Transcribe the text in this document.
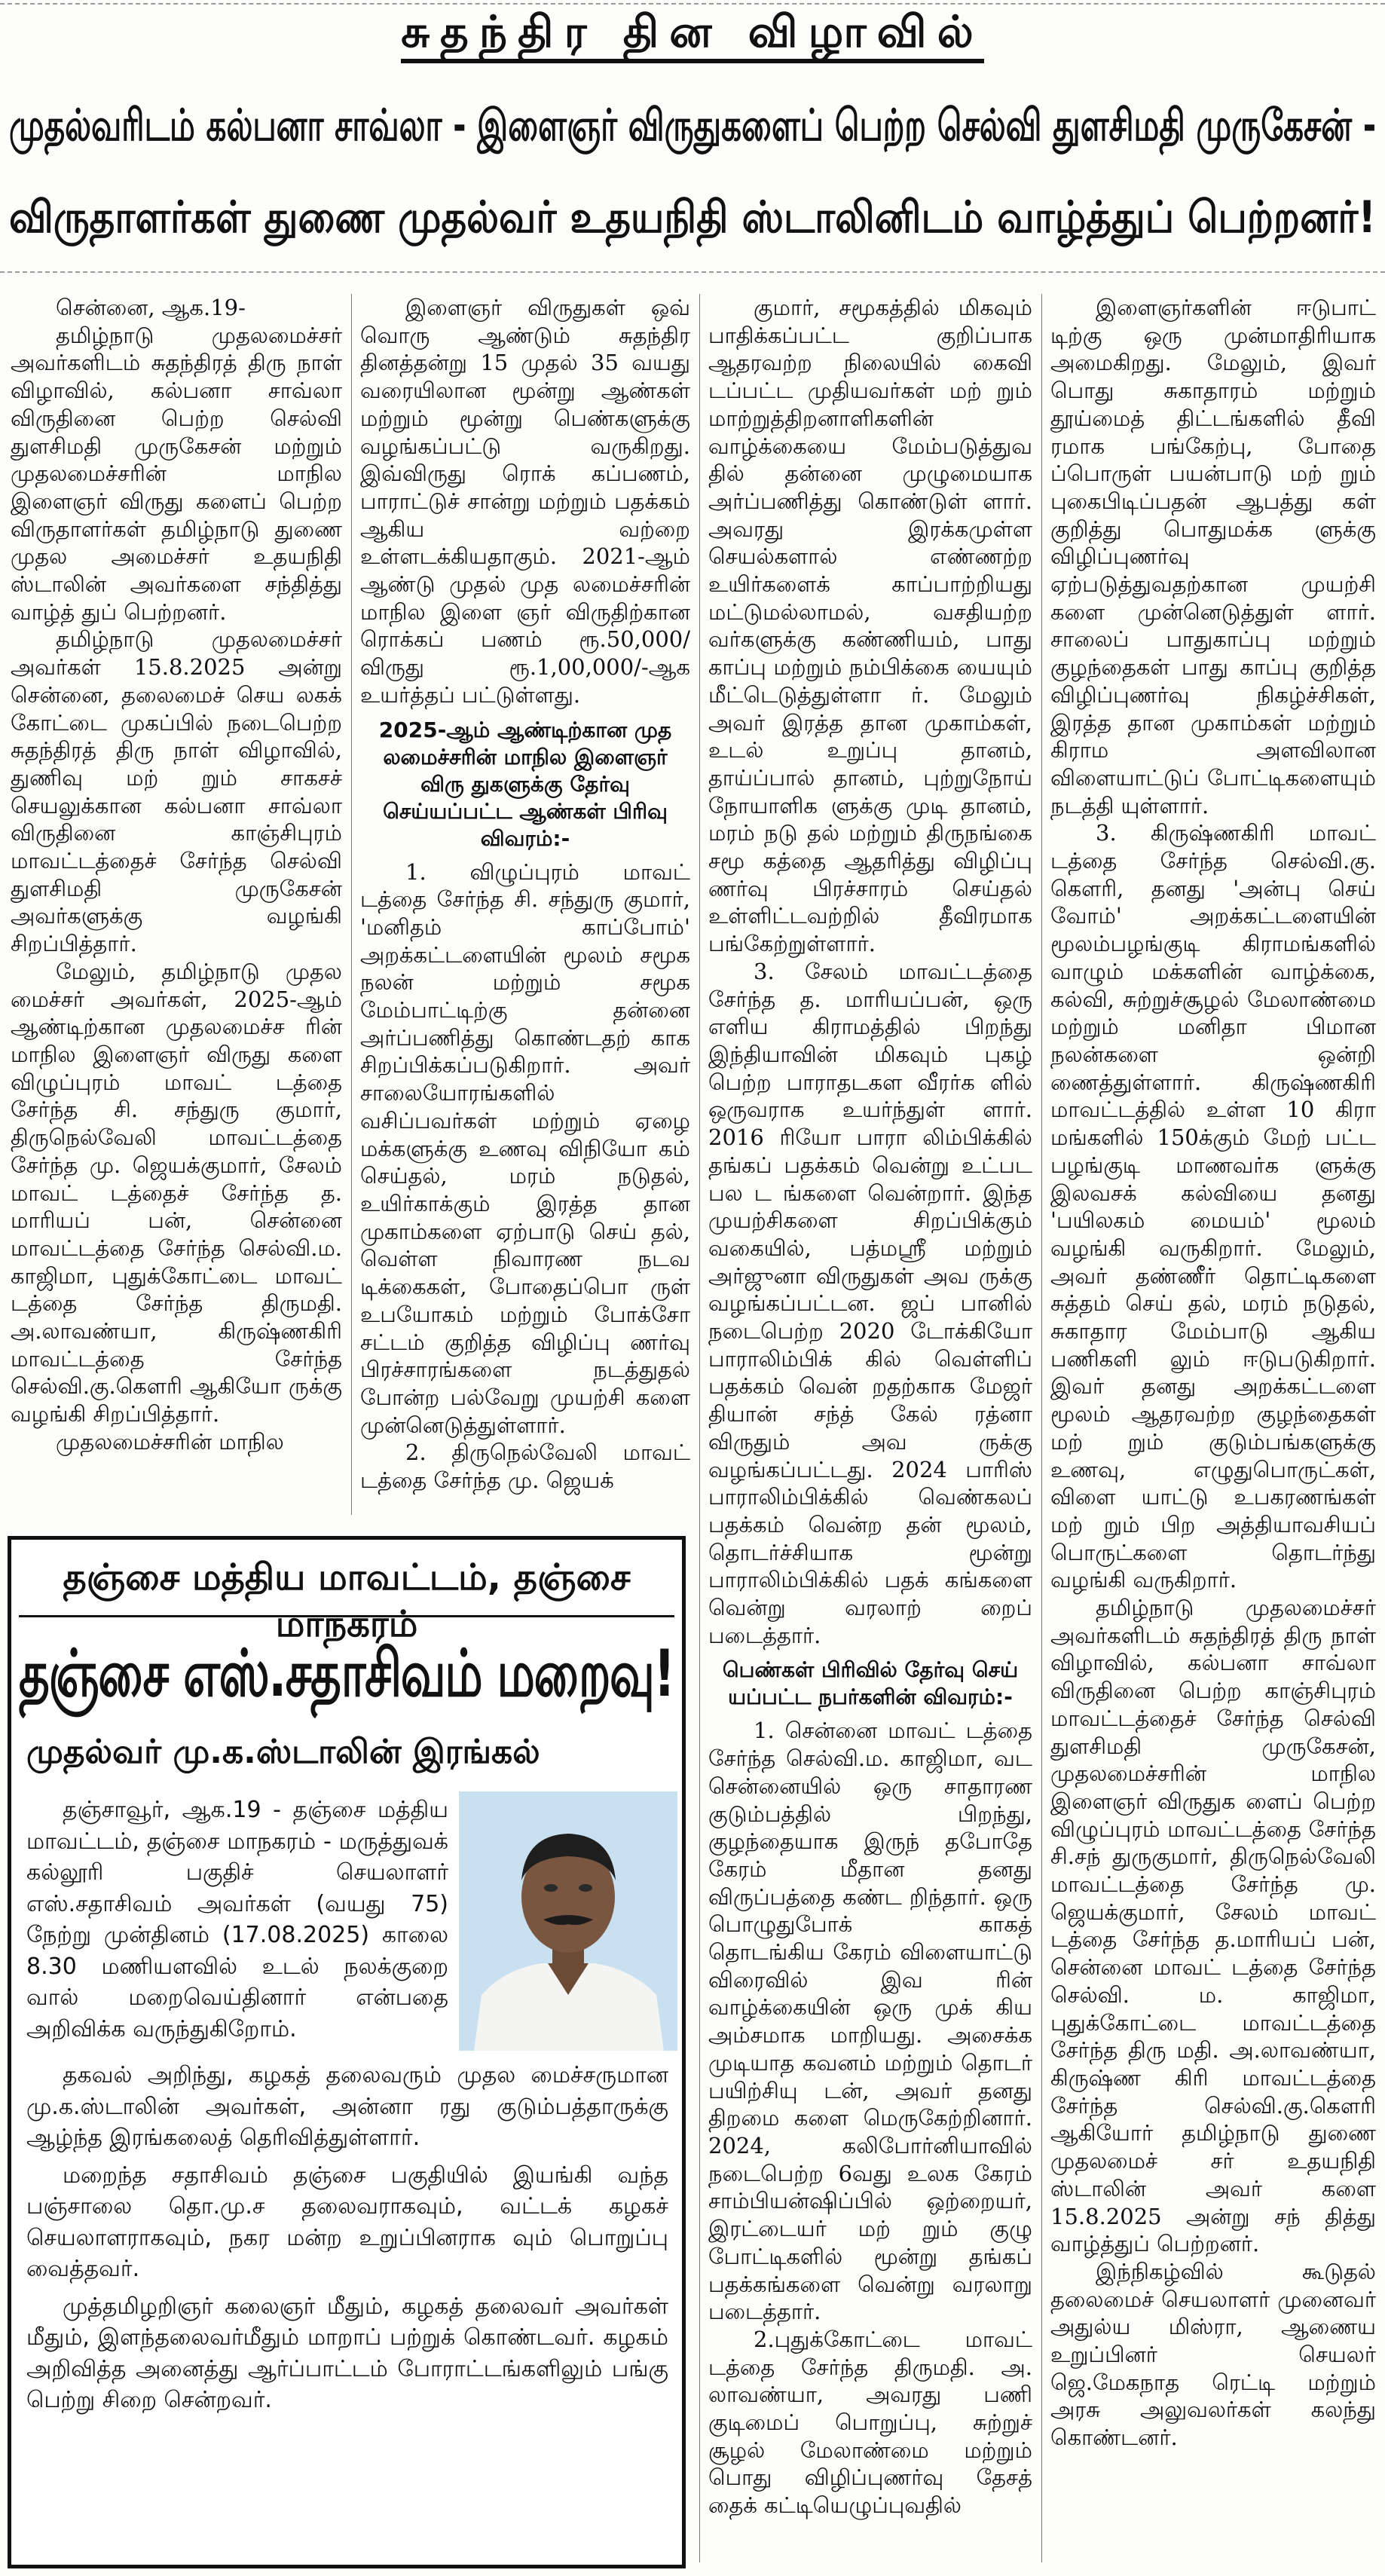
சுதந்திர தின விழாவில்
முதல்வரிடம் கல்பனா சாவ்லா - இளைஞர் விருதுகளைப் பெற்ற செல்வி துளசிமதி முருகேசன் -
விருதாளர்கள் துணை முதல்வர் உதயநிதி ஸ்டாலினிடம் வாழ்த்துப் பெற்றனர்!

சென்னை, ஆக.19-

தமிழ்நாடு முதலமைச்சர் அவர்களிடம் சுதந்திரத் திரு நாள் விழாவில், கல்பனா சாவ்லா விருதினை பெற்ற செல்வி துளசிமதி முருகேசன் மற்றும் முதலமைச்சரின் மாநில இளைஞர் விருது களைப் பெற்ற விருதாளர்கள் தமிழ்நாடு துணை முதல அமைச்சர் உதயநிதி ஸ்டாலின் அவர்களை சந்தித்து வாழ்த் துப் பெற்றனர்.

தமிழ்நாடு முதலமைச்சர் அவர்கள் 15.8.2025 அன்று சென்னை, தலைமைச் செய லகக் கோட்டை முகப்பில் நடைபெற்ற சுதந்திரத் திரு நாள் விழாவில், துணிவு மற் றும் சாகசச் செயலுக்கான கல்பனா சாவ்லா விருதினை காஞ்சிபுரம் மாவட்டத்தைச் சேர்ந்த செல்வி துளசிமதி முருகேசன் அவர்களுக்கு வழங்கி சிறப்பித்தார்.

மேலும், தமிழ்நாடு முதல மைச்சர் அவர்கள், 2025-ஆம் ஆண்டிற்கான முதலமைச்ச ரின் மாநில இளைஞர் விருது களை விழுப்புரம் மாவட் டத்தை சேர்ந்த சி. சந்துரு குமார், திருநெல்வேலி மாவட்டத்தை சேர்ந்த மு. ஜெயக்குமார், சேலம் மாவட் டத்தைச் சேர்ந்த த. மாரியப் பன், சென்னை மாவட்டத்தை சேர்ந்த செல்வி.ம. காஜிமா, புதுக்கோட்டை மாவட் டத்தை சேர்ந்த திருமதி. அ.லாவண்யா, கிருஷ்ணகிரி மாவட்டத்தை சேர்ந்த செல்வி.கு.கௌரி ஆகியோ ருக்கு வழங்கி சிறப்பித்தார்.

முதலமைச்சரின் மாநில

இளைஞர் விருதுகள் ஒவ் வொரு ஆண்டும் சுதந்திர தினத்தன்று 15 முதல் 35 வயது வரையிலான மூன்று ஆண்கள் மற்றும் மூன்று பெண்களுக்கு வழங்கப்பட்டு வருகிறது. இவ்விருது ரொக் கப்பணம், பாராட்டுச் சான்று மற்றும் பதக்கம் ஆகிய வற்றை உள்ளடக்கியதாகும். 2021-ஆம் ஆண்டு முதல் முத லமைச்சரின் மாநில இளை ஞர் விருதிற்கான ரொக்கப் பணம் ரூ.50,000/விருது ரூ.1,00,000/-ஆக உயர்த்தப் பட்டுள்ளது.

2025-ஆம் ஆண்டிற்கான முத லமைச்சரின் மாநில இளைஞர் விரு துகளுக்கு தேர்வு செய்யப்பட்ட ஆண்கள் பிரிவு விவரம்:-

1. விழுப்புரம் மாவட் டத்தை சேர்ந்த சி. சந்துரு குமார், 'மனிதம் காப்போம்' அறக்கட்டளையின் மூலம் சமூக நலன் மற்றும் சமூக மேம்பாட்டிற்கு தன்னை அர்ப்பணித்து கொண்டதற் காக சிறப்பிக்கப்படுகிறார். அவர் சாலையோரங்களில் வசிப்பவர்கள் மற்றும் ஏழை மக்களுக்கு உணவு விநியோ கம் செய்தல், மரம் நடுதல், உயிர்காக்கும் இரத்த தான முகாம்களை ஏற்பாடு செய் தல், வெள்ள நிவாரண நடவ டிக்கைகள், போதைப்பொ ருள் உபயோகம் மற்றும் போக்சோ சட்டம் குறித்த விழிப்பு ணர்வு பிரச்சாரங்களை நடத்துதல் போன்ற பல்வேறு முயற்சி களை முன்னெடுத்துள்ளார்.

2. திருநெல்வேலி மாவட் டத்தை சேர்ந்த மு. ஜெயக்

குமார், சமூகத்தில் மிகவும் பாதிக்கப்பட்ட குறிப்பாக ஆதரவற்ற நிலையில் கைவி டப்பட்ட முதியவர்கள் மற் றும் மாற்றுத்திறனாளிகளின் வாழ்க்கையை மேம்படுத்துவ தில் தன்னை முழுமையாக அர்ப்பணித்து கொண்டுள் ளார். அவரது இரக்கமுள்ள செயல்களால் எண்ணற்ற உயிர்களைக் காப்பாற்றியது மட்டுமல்லாமல், வசதியற்ற வர்களுக்கு கண்ணியம், பாது காப்பு மற்றும் நம்பிக்கை யையும் மீட்டெடுத்துள்ளா ர். மேலும் அவர் இரத்த தான முகாம்கள், உடல் உறுப்பு தானம், தாய்ப்பால் தானம், புற்றுநோய் நோயாளிக ளுக்கு முடி தானம், மரம் நடு தல் மற்றும் திருநங்கை சமூ கத்தை ஆதரித்து விழிப்பு ணர்வு பிரச்சாரம் செய்தல் உள்ளிட்டவற்றில் தீவிரமாக பங்கேற்றுள்ளார்.

3. சேலம் மாவட்டத்தை சேர்ந்த த. மாரியப்பன், ஒரு எளிய கிராமத்தில் பிறந்து இந்தியாவின் மிகவும் புகழ் பெற்ற பாராதடகள வீரர்க ளில் ஒருவராக உயர்ந்துள் ளார். 2016 ரியோ பாரா லிம்பிக்கில் தங்கப் பதக்கம் வென்று உட்பட பல ட ங்களை வென்றார். இந்த முயற்சிகளை சிறப்பிக்கும் வகையில், பத்மஸ்ரீ மற்றும் அர்ஜுனா விருதுகள் அவ ருக்கு வழங்கப்பட்டன. ஜப் பானில் நடைபெற்ற 2020 டோக்கியோ பாராலிம்பிக் கில் வெள்ளிப் பதக்கம் வென் றதற்காக மேஜர் தியான் சந்த் கேல் ரத்னா விருதும் அவ ருக்கு வழங்கப்பட்டது. 2024 பாரிஸ் பாராலிம்பிக்கில் வெண்கலப் பதக்கம் வென்ற தன் மூலம், தொடர்ச்சியாக மூன்று பாராலிம்பிக்கில் பதக் கங்களை வென்று வரலாற் றைப் படைத்தார்.

பெண்கள் பிரிவில் தேர்வு செய் யப்பட்ட நபர்களின் விவரம்:-

1. சென்னை மாவட் டத்தை சேர்ந்த செல்வி.ம. காஜிமா, வட சென்னையில் ஒரு சாதாரண குடும்பத்தில் பிறந்து, குழந்தையாக இருந் தபோதே கேரம் மீதான தனது விருப்பத்தை கண்ட றிந்தார். ஒரு பொழுதுபோக் காகத் தொடங்கிய கேரம் விளையாட்டு விரைவில் இவ ரின் வாழ்க்கையின் ஒரு முக் கிய அம்சமாக மாறியது. அசைக்க முடியாத கவனம் மற்றும் தொடர் பயிற்சியு டன், அவர் தனது திறமை களை மெருகேற்றினார். 2024, கலிபோர்னியாவில் நடைபெற்ற 6வது உலக கேரம் சாம்பியன்ஷிப்பில் ஒற்றையர், இரட்டையர் மற் றும் குழு போட்டிகளில் மூன்று தங்கப் பதக்கங்களை வென்று வரலாறு படைத்தார்.

2.புதுக்கோட்டை மாவட் டத்தை சேர்ந்த திருமதி. அ. லாவண்யா, அவரது பணி குடிமைப் பொறுப்பு, சுற்றுச் சூழல் மேலாண்மை மற்றும் பொது விழிப்புணர்வு தேசத் தைக் கட்டியெழுப்புவதில்

இளைஞர்களின் ஈடுபாட் டிற்கு ஒரு முன்மாதிரியாக அமைகிறது. மேலும், இவர் பொது சுகாதாரம் மற்றும் தூய்மைத் திட்டங்களில் தீவி ரமாக பங்கேற்பு, போதை ப்பொருள் பயன்பாடு மற் றும் புகைபிடிப்பதன் ஆபத்து கள் குறித்து பொதுமக்க ளுக்கு விழிப்புணர்வு ஏற்படுத்துவதற்கான முயற்சி களை முன்னெடுத்துள் ளார். சாலைப் பாதுகாப்பு மற்றும் குழந்தைகள் பாது காப்பு குறித்த விழிப்புணர்வு நிகழ்ச்சிகள், இரத்த தான முகாம்கள் மற்றும் கிராம அளவிலான விளையாட்டுப் போட்டிகளையும் நடத்தி யுள்ளார்.

3. கிருஷ்ணகிரி மாவட் டத்தை சேர்ந்த செல்வி.கு. கௌரி, தனது 'அன்பு செய் வோம்' அறக்கட்டளையின் மூலம்பழங்குடி கிராமங்களில் வாழும் மக்களின் வாழ்க்கை, கல்வி, சுற்றுச்சூழல் மேலாண்மை மற்றும் மனிதா பிமான நலன்களை ஒன்றி ணைத்துள்ளார். கிருஷ்ணகிரி மாவட்டத்தில் உள்ள 10 கிரா மங்களில் 150க்கும் மேற் பட்ட பழங்குடி மாணவர்க ளுக்கு இலவசக் கல்வியை தனது 'பயிலகம் மையம்' மூலம் வழங்கி வருகிறார். மேலும், அவர் தண்ணீர் தொட்டிகளை சுத்தம் செய் தல், மரம் நடுதல், சுகாதார மேம்பாடு ஆகிய பணிகளி லும் ஈடுபடுகிறார். இவர் தனது அறக்கட்டளை மூலம் ஆதரவற்ற குழந்தைகள் மற் றும் குடும்பங்களுக்கு உணவு, எழுதுபொருட்கள், விளை யாட்டு உபகரணங்கள் மற் றும் பிற அத்தியாவசியப் பொருட்களை தொடர்ந்து வழங்கி வருகிறார்.

தமிழ்நாடு முதலமைச்சர் அவர்களிடம் சுதந்திரத் திரு நாள் விழாவில், கல்பனா சாவ்லா விருதினை பெற்ற காஞ்சிபுரம் மாவட்டத்தைச் சேர்ந்த செல்வி துளசிமதி முருகேசன், முதலமைச்சரின் மாநில இளைஞர் விருதுக ளைப் பெற்ற விழுப்புரம் மாவட்டத்தை சேர்ந்த சி.சந் துருகுமார், திருநெல்வேலி மாவட்டத்தை சேர்ந்த மு. ஜெயக்குமார், சேலம் மாவட் டத்தை சேர்ந்த த.மாரியப் பன், சென்னை மாவட் டத்தை சேர்ந்த செல்வி. ம. காஜிமா, புதுக்கோட்டை மாவட்டத்தை சேர்ந்த திரு மதி. அ.லாவண்யா, கிருஷ்ண கிரி மாவட்டத்தை சேர்ந்த செல்வி.கு.கௌரி ஆகியோர் தமிழ்நாடு துணை முதலமைச் சர் உதயநிதி ஸ்டாலின் அவர் களை 15.8.2025 அன்று சந் தித்து வாழ்த்துப் பெற்றனர்.

இந்நிகழ்வில் கூடுதல் தலைமைச் செயலாளர் முனைவர் அதுல்ய மிஸ்ரா, ஆணைய உறுப்பினர் செயலர் ஜெ.மேகநாத ரெட்டி மற்றும் அரசு அலுவலர்கள் கலந்து கொண்டனர்.

தஞ்சை மத்திய மாவட்டம், தஞ்சை மாநகரம்
தஞ்சை எஸ்.சதாசிவம் மறைவு!
முதல்வர் மு.க.ஸ்டாலின் இரங்கல்

தஞ்சாவூர், ஆக.19 - தஞ்சை மத்திய மாவட்டம், தஞ்சை மாநகரம் - மருத்துவக் கல்லூரி பகுதிச் செயலாளர் எஸ்.சதாசிவம் அவர்கள் (வயது 75) நேற்று முன்தினம் (17.08.2025) காலை 8.30 மணியளவில் உடல் நலக்குறை வால் மறைவெய்தினார் என்பதை அறிவிக்க வருந்துகிறோம்.

தகவல் அறிந்து, கழகத் தலைவரும் முதல மைச்சருமான மு.க.ஸ்டாலின் அவர்கள், அன்னா ரது குடும்பத்தாருக்கு ஆழ்ந்த இரங்கலைத் தெரிவித்துள்ளார்.

மறைந்த சதாசிவம் தஞ்சை பகுதியில் இயங்கி வந்த பஞ்சாலை தொ.மு.ச தலைவராகவும், வட்டக் கழகச் செயலாளராகவும், நகர மன்ற உறுப்பினராக வும் பொறுப்பு வைத்தவர்.

முத்தமிழறிஞர் கலைஞர் மீதும், கழகத் தலைவர் அவர்கள் மீதும், இளந்தலைவர்மீதும் மாறாப் பற்றுக் கொண்டவர். கழகம் அறிவித்த அனைத்து ஆர்ப்பாட்டம் போராட்டங்களிலும் பங்கு பெற்று சிறை சென்றவர்.
